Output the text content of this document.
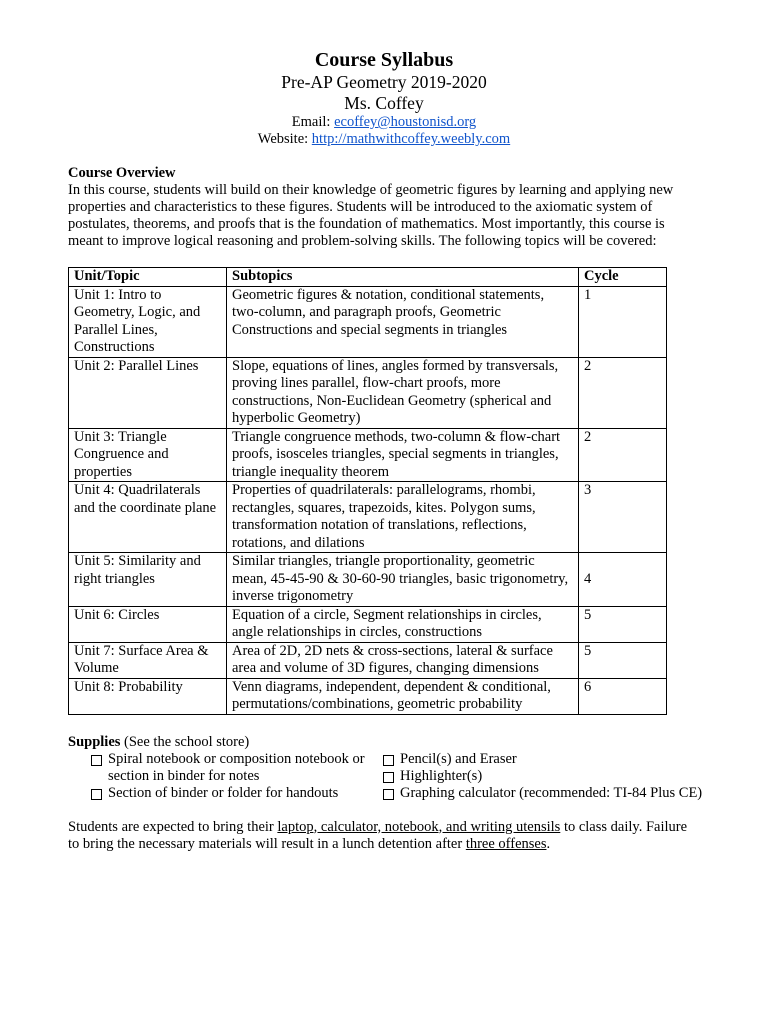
Course Syllabus
Pre-AP Geometry 2019-2020
Ms. Coffey
Email: ecoffey@houstonisd.org
Website: http://mathwithcoffey.weebly.com
Course Overview

In this course, students will build on their knowledge of geometric figures by learning and applying new properties and characteristics to these figures. Students will be introduced to the axiomatic system of postulates, theorems, and proofs that is the foundation of mathematics. Most importantly, this course is meant to improve logical reasoning and problem-solving skills. The following topics will be covered:

Unit/Topic	Subtopics	Cycle
Unit 1: Intro to Geometry, Logic, and Parallel Lines, Constructions	Geometric figures & notation, conditional statements, two-column, and paragraph proofs, Geometric Constructions and special segments in triangles	1
Unit 2: Parallel Lines	Slope, equations of lines, angles formed by transversals, proving lines parallel, flow-chart proofs, more constructions, Non-Euclidean Geometry (spherical and hyperbolic Geometry)	2
Unit 3: Triangle Congruence and properties	Triangle congruence methods, two-column & flow-chart proofs, isosceles triangles, special segments in triangles, triangle inequality theorem	2
Unit 4: Quadrilaterals and the coordinate plane	Properties of quadrilaterals: parallelograms, rhombi, rectangles, squares, trapezoids, kites. Polygon sums, transformation notation of translations, reflections, rotations, and dilations	3
Unit 5: Similarity and right triangles	Similar triangles, triangle proportionality, geometric mean, 45-45-90 & 30-60-90 triangles, basic trigonometry, inverse trigonometry	4
Unit 6: Circles	Equation of a circle, Segment relationships in circles, angle relationships in circles, constructions	5
Unit 7: Surface Area & Volume	Area of 2D, 2D nets & cross-sections, lateral & surface area and volume of 3D figures, changing dimensions	5
Unit 8: Probability	Venn diagrams, independent, dependent & conditional, permutations/combinations, geometric probability	6
Supplies (See the school store)
Spiral notebook or composition notebook or section in binder for notes
Section of binder or folder for handouts
Pencil(s) and Eraser
Highlighter(s)
Graphing calculator (recommended: TI-84 Plus CE)
Students are expected to bring their laptop, calculator, notebook, and writing utensils to class daily. Failure to bring the necessary materials will result in a lunch detention after three offenses.
